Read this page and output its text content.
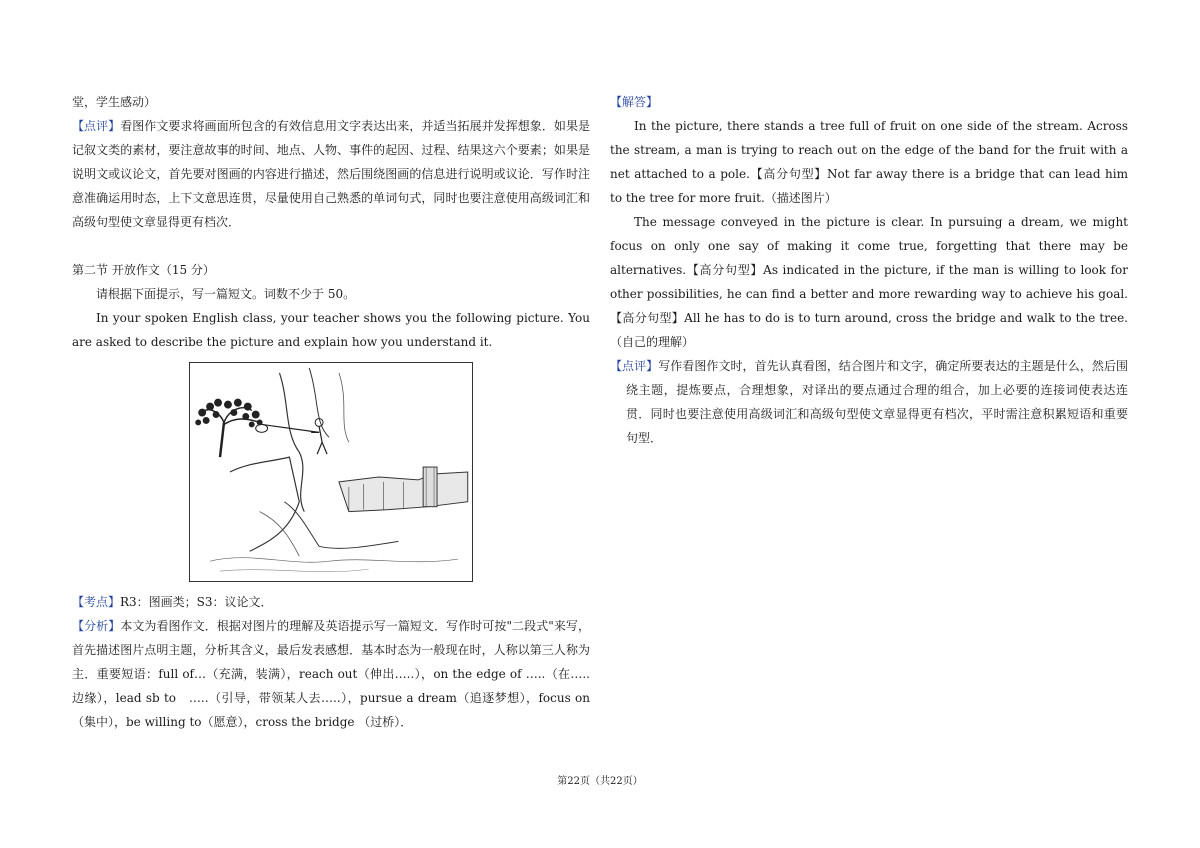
堂，学生感动）

【点评】看图作文要求将画面所包含的有效信息用文字表达出来，并适当拓展并发挥想象．如果是记叙文类的素材，要注意故事的时间、地点、人物、事件的起因、过程、结果这六个要素；如果是说明文或议论文，首先要对图画的内容进行描述，然后围绕图画的信息进行说明或议论．写作时注意准确运用时态，上下文意思连贯，尽量使用自己熟悉的单词句式，同时也要注意使用高级词汇和高级句型使文章显得更有档次．

第二节 开放作文（15 分）

请根据下面提示，写一篇短文。词数不少于 50。

In your spoken English class, your teacher shows you the following picture. You are asked to describe the picture and explain how you understand it.

【考点】R3：图画类；S3：议论文．

【分析】本文为看图作文．根据对图片的理解及英语提示写一篇短文．写作时可按"二段式"来写，首先描述图片点明主题，分析其含义，最后发表感想．基本时态为一般现在时，人称以第三人称为主．重要短语：full of…（充满，装满），reach out（伸出…..），on the edge of …..（在…..边缘），lead sb to　…..（引导，带领某人去…..），pursue a dream（追逐梦想），focus on（集中），be willing to（愿意），cross the bridge （过桥）．

【解答】

In the picture, there stands a tree full of fruit on one side of the stream. Across the stream, a man is trying to reach out on the edge of the band for the fruit with a net attached to a pole.【高分句型】Not far away there is a bridge that can lead him to the tree for more fruit.（描述图片）

The message conveyed in the picture is clear. In pursuing a dream, we might focus on only one say of making it come true, forgetting that there may be alternatives.【高分句型】As indicated in the picture, if the man is willing to look for other possibilities, he can find a better and more rewarding way to achieve his goal.【高分句型】All he has to do is to turn around, cross the bridge and walk to the tree.（自己的理解）

【点评】写作看图作文时，首先认真看图，结合图片和文字，确定所要表达的主题是什么，然后围绕主题，提炼要点，合理想象，对译出的要点通过合理的组合，加上必要的连接词使表达连贯．同时也要注意使用高级词汇和高级句型使文章显得更有档次，平时需注意积累短语和重要句型．

第22页（共22页）
